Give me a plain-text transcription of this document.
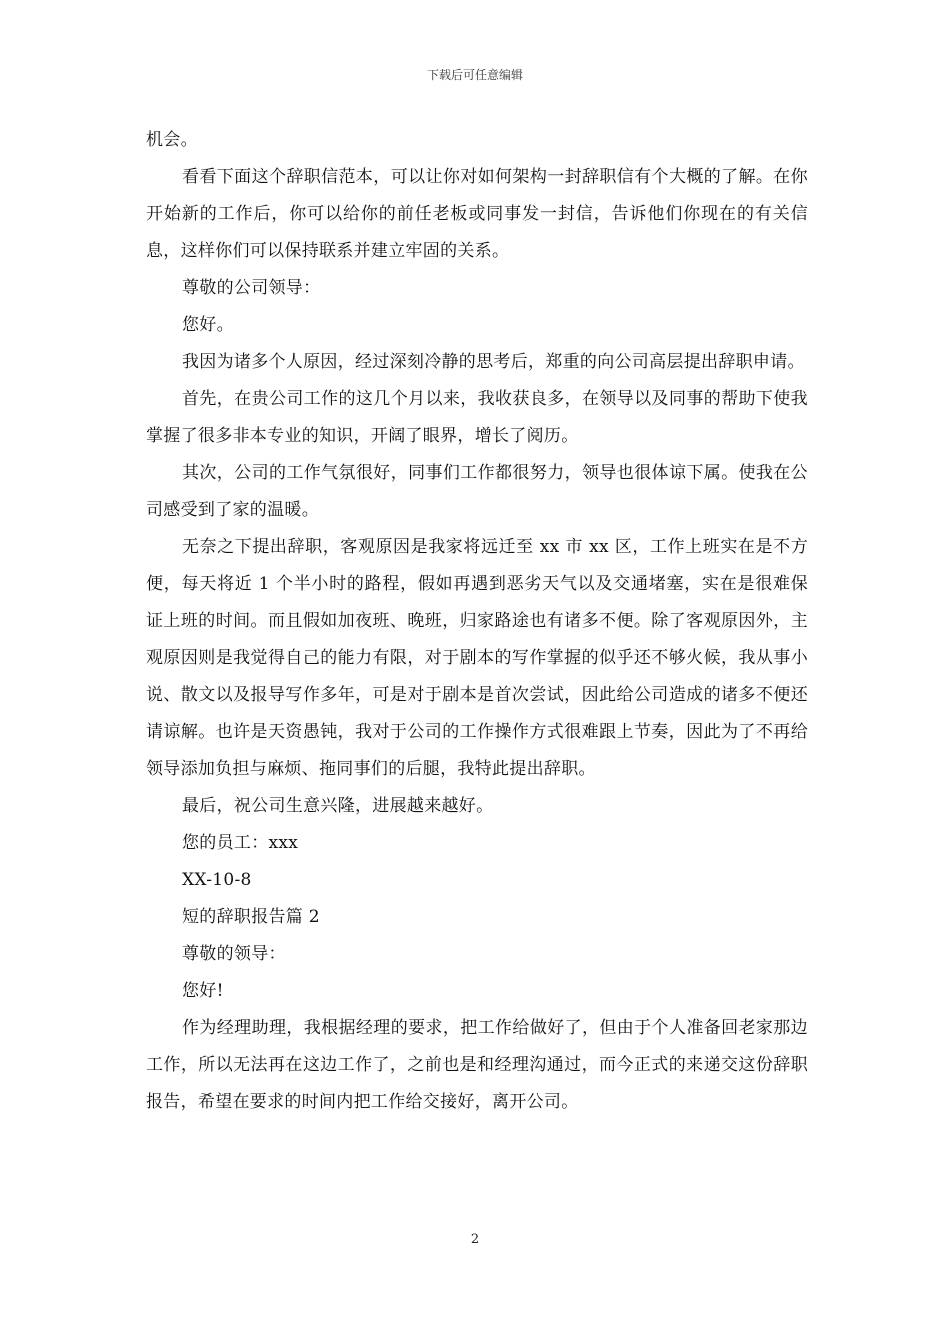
下载后可任意编辑

机会。

看看下面这个辞职信范本，可以让你对如何架构一封辞职信有个大概的了解。在你开始新的工作后，你可以给你的前任老板或同事发一封信，告诉他们你现在的有关信息，这样你们可以保持联系并建立牢固的关系。

尊敬的公司领导：

您好。

我因为诸多个人原因，经过深刻冷静的思考后，郑重的向公司高层提出辞职申请。

首先，在贵公司工作的这几个月以来，我收获良多，在领导以及同事的帮助下使我掌握了很多非本专业的知识，开阔了眼界，增长了阅历。

其次，公司的工作气氛很好，同事们工作都很努力，领导也很体谅下属。使我在公司感受到了家的温暖。

无奈之下提出辞职，客观原因是我家将远迁至 xx 市 xx 区，工作上班实在是不方便，每天将近 1 个半小时的路程，假如再遇到恶劣天气以及交通堵塞，实在是很难保证上班的时间。而且假如加夜班、晚班，归家路途也有诸多不便。除了客观原因外，主观原因则是我觉得自己的能力有限，对于剧本的写作掌握的似乎还不够火候，我从事小说、散文以及报导写作多年，可是对于剧本是首次尝试，因此给公司造成的诸多不便还请谅解。也许是天资愚钝，我对于公司的工作操作方式很难跟上节奏，因此为了不再给领导添加负担与麻烦、拖同事们的后腿，我特此提出辞职。

最后，祝公司生意兴隆，进展越来越好。

您的员工：xxx

XX-10-8

短的辞职报告篇 2

尊敬的领导：

您好!

作为经理助理，我根据经理的要求，把工作给做好了，但由于个人准备回老家那边工作，所以无法再在这边工作了，之前也是和经理沟通过，而今正式的来递交这份辞职报告，希望在要求的时间内把工作给交接好，离开公司。

2
